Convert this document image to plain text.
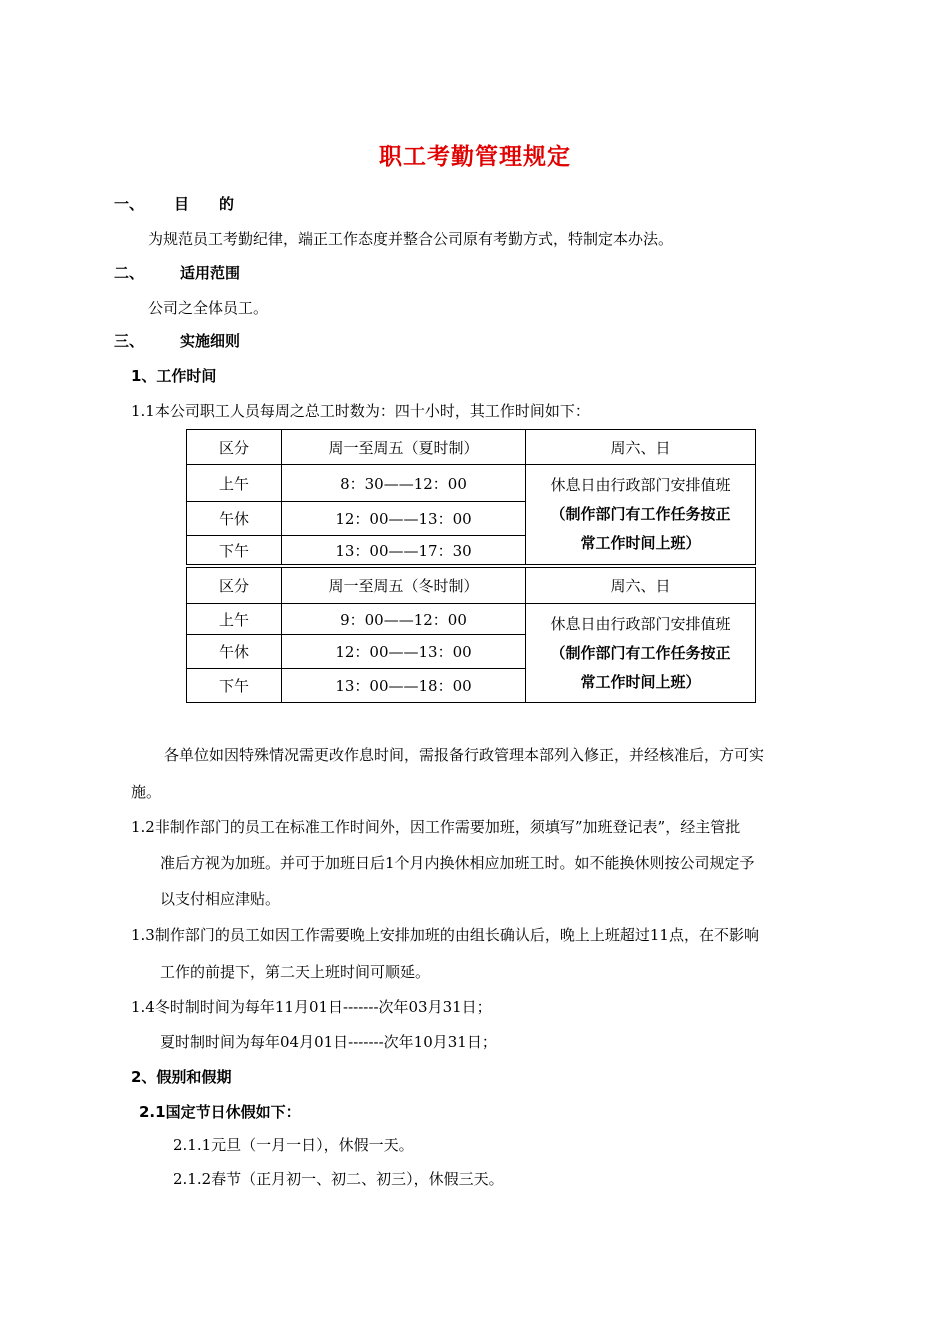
职工考勤管理规定
一、 目　　的
为规范员工考勤纪律，端正工作态度并整合公司原有考勤方式，特制定本办法。
二、 适用范围
公司之全体员工。
三、 实施细则
1、工作时间
1.1本公司职工人员每周之总工时数为：四十小时，其工作时间如下：
区分	周一至周五（夏时制）	周六、日
上午	8：30——12：00	休息日由行政部门安排值班
（制作部门有工作任务按正
常工作时间上班）

午休	12：00——13：00	
下午	13：00——17：30	
区分	周一至周五（冬时制）	周六、日
上午	9：00——12：00	休息日由行政部门安排值班
（制作部门有工作任务按正
常工作时间上班）

午休	12：00——13：00	
下午	13：00——18：00	
各单位如因特殊情况需更改作息时间，需报备行政管理本部列入修正，并经核准后，方可实
施。
1.2非制作部门的员工在标准工作时间外，因工作需要加班，须填写”加班登记表”，经主管批
准后方视为加班。并可于加班日后1个月内换休相应加班工时。如不能换休则按公司规定予
以支付相应津贴。
1.3制作部门的员工如因工作需要晚上安排加班的由组长确认后，晚上上班超过11点，在不影响
工作的前提下，第二天上班时间可顺延。
1.4冬时制时间为每年11月01日-------次年03月31日；
夏时制时间为每年04月01日-------次年10月31日；
2、假别和假期
2.1国定节日休假如下：
2.1.1元旦（一月一日），休假一天。
2.1.2春节（正月初一、初二、初三），休假三天。
